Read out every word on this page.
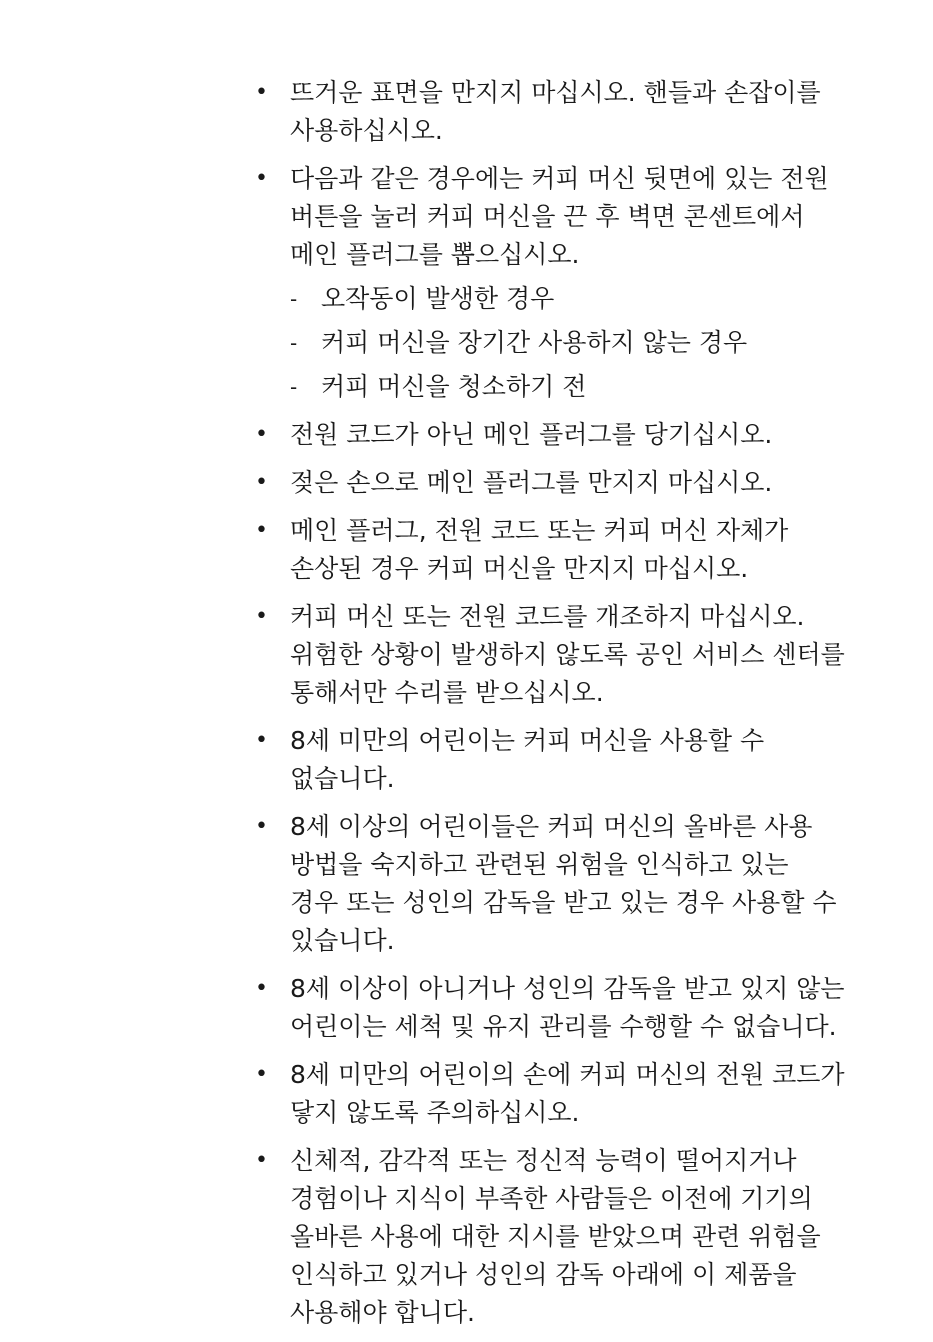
• 뜨거운 표면을 만지지 마십시오. 핸들과 손잡이를
사용하십시오.
• 다음과 같은 경우에는 커피 머신 뒷면에 있는 전원
버튼을 눌러 커피 머신을 끈 후 벽면 콘센트에서
메인 플러그를 뽑으십시오.
- 오작동이 발생한 경우
- 커피 머신을 장기간 사용하지 않는 경우
- 커피 머신을 청소하기 전
• 전원 코드가 아닌 메인 플러그를 당기십시오.
• 젖은 손으로 메인 플러그를 만지지 마십시오.
• 메인 플러그, 전원 코드 또는 커피 머신 자체가
손상된 경우 커피 머신을 만지지 마십시오.
• 커피 머신 또는 전원 코드를 개조하지 마십시오.
위험한 상황이 발생하지 않도록 공인 서비스 센터를
통해서만 수리를 받으십시오.
• 8세 미만의 어린이는 커피 머신을 사용할 수
없습니다.
• 8세 이상의 어린이들은 커피 머신의 올바른 사용
방법을 숙지하고 관련된 위험을 인식하고 있는
경우 또는 성인의 감독을 받고 있는 경우 사용할 수
있습니다.
• 8세 이상이 아니거나 성인의 감독을 받고 있지 않는
어린이는 세척 및 유지 관리를 수행할 수 없습니다.
• 8세 미만의 어린이의 손에 커피 머신의 전원 코드가
닿지 않도록 주의하십시오.
• 신체적, 감각적 또는 정신적 능력이 떨어지거나
경험이나 지식이 부족한 사람들은 이전에 기기의
올바른 사용에 대한 지시를 받았으며 관련 위험을
인식하고 있거나 성인의 감독 아래에 이 제품을
사용해야 합니다.
